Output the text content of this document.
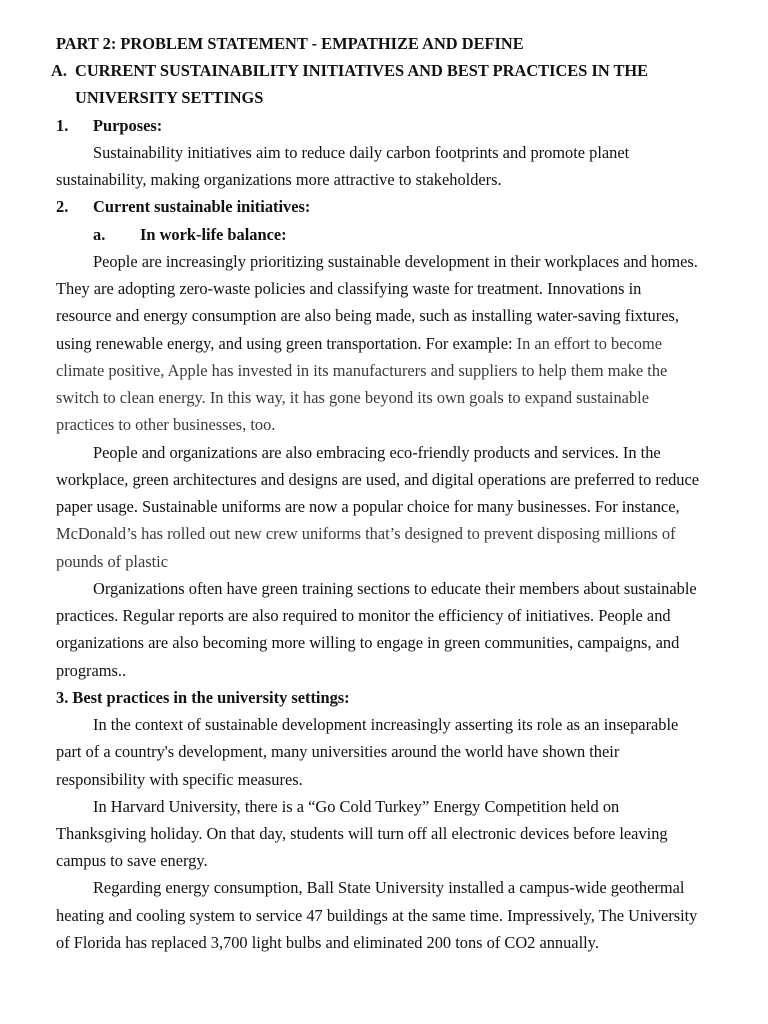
PART 2: PROBLEM STATEMENT - EMPATHIZE AND DEFINE
A. CURRENT SUSTAINABILITY INITIATIVES AND BEST PRACTICES IN THE
UNIVERSITY SETTINGS
1. Purposes:
Sustainability initiatives aim to reduce daily carbon footprints and promote planet
sustainability, making organizations more attractive to stakeholders.
2. Current sustainable initiatives:
a. In work-life balance:
People are increasingly prioritizing sustainable development in their workplaces and homes.
They are adopting zero-waste policies and classifying waste for treatment. Innovations in
resource and energy consumption are also being made, such as installing water-saving fixtures,
using renewable energy, and using green transportation. For example: In an effort to become
climate positive, Apple has invested in its manufacturers and suppliers to help them make the
switch to clean energy. In this way, it has gone beyond its own goals to expand sustainable
practices to other businesses, too.
People and organizations are also embracing eco-friendly products and services. In the
workplace, green architectures and designs are used, and digital operations are preferred to reduce
paper usage. Sustainable uniforms are now a popular choice for many businesses. For instance,
McDonald’s has rolled out new crew uniforms that’s designed to prevent disposing millions of
pounds of plastic
Organizations often have green training sections to educate their members about sustainable
practices. Regular reports are also required to monitor the efficiency of initiatives. People and
organizations are also becoming more willing to engage in green communities, campaigns, and
programs..
3. Best practices in the university settings:
In the context of sustainable development increasingly asserting its role as an inseparable
part of a country's development, many universities around the world have shown their
responsibility with specific measures.
In Harvard University, there is a “Go Cold Turkey” Energy Competition held on
Thanksgiving holiday. On that day, students will turn off all electronic devices before leaving
campus to save energy.
Regarding energy consumption, Ball State University installed a campus-wide geothermal
heating and cooling system to service 47 buildings at the same time. Impressively, The University
of Florida has replaced 3,700 light bulbs and eliminated 200 tons of CO2 annually.
